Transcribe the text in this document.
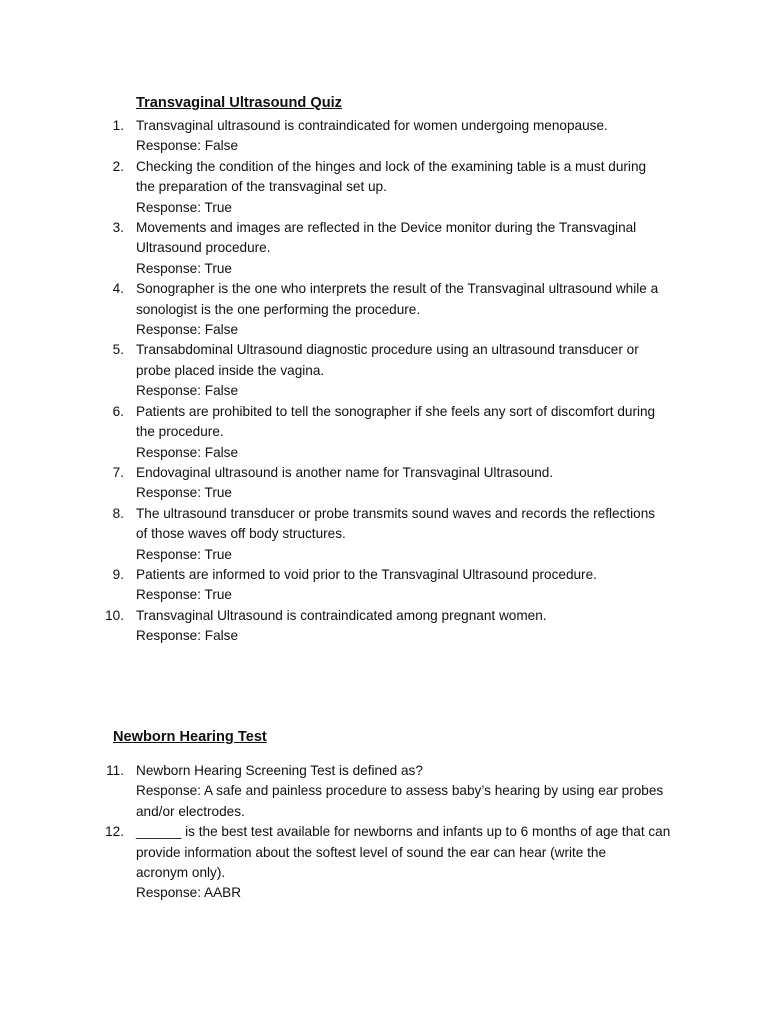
Transvaginal Ultrasound Quiz
1. Transvaginal ultrasound is contraindicated for women undergoing menopause.
Response: False
2. Checking the condition of the hinges and lock of the examining table is a must during
the preparation of the transvaginal set up.
Response: True
3. Movements and images are reflected in the Device monitor during the Transvaginal
Ultrasound procedure.
Response: True
4. Sonographer is the one who interprets the result of the Transvaginal ultrasound while a
sonologist is the one performing the procedure.
Response: False
5. Transabdominal Ultrasound diagnostic procedure using an ultrasound transducer or
probe placed inside the vagina.
Response: False
6. Patients are prohibited to tell the sonographer if she feels any sort of discomfort during
the procedure.
Response: False
7. Endovaginal ultrasound is another name for Transvaginal Ultrasound.
Response: True
8. The ultrasound transducer or probe transmits sound waves and records the reflections
of those waves off body structures.
Response: True
9. Patients are informed to void prior to the Transvaginal Ultrasound procedure.
Response: True
10. Transvaginal Ultrasound is contraindicated among pregnant women.
Response: False
Newborn Hearing Test
11. Newborn Hearing Screening Test is defined as?
Response: A safe and painless procedure to assess baby’s hearing by using ear probes
and/or electrodes.
12. ______ is the best test available for newborns and infants up to 6 months of age that can
provide information about the softest level of sound the ear can hear (write the
acronym only).
Response: AABR
